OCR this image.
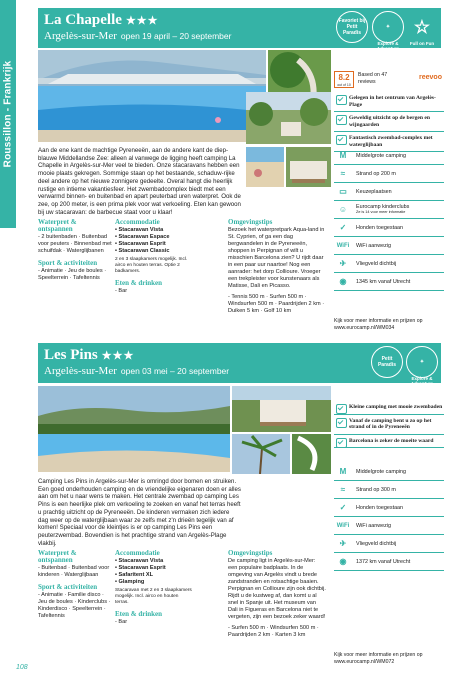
Roussillon - Frankrijk
La Chapelle ★★★
Argelès-sur-Mer open 19 april – 20 september
Favoriet bij Petit Paradis
✦
Explore & Adventure
☆
Full on Fun
Aan de ene kant de machtige Pyreneeën, aan de andere kant de diep-blauwe Middellandse Zee: alleen al vanwege de ligging heeft camping La Chapelle in Argelès-sur-Mer veel te bieden. Onze stacaravans hebben een mooie plaats gekregen. Sommige staan op het bestaande, schaduw-rijke deel andere op het nieuwe zonnigere gedeelte. Overal hangt die heerlijk rustige en intieme vakantiesfeer. Het zwembadcomplex biedt met een verwarmd binnen- en buitenbad en apart peuterbad uren waterpret. Ook de zee, op 200 meter, is een prima plek voor wat verkoeling. Eten kan gewoon bij uw stacaravan: de barbecue staat voor u klaar!
Waterpret & ontspannen
- 2 buitenbaden · Buitenbad voor peuters · Binnenbad met schuifdak · Waterglijbanen
Sport & activiteiten
- Animatie · Jeu de boules · Speelterrein · Tafeltennis
Accommodatie
• Stacaravan Vista
• Stacaravan Espace
• Stacaravan Esprit
• Stacaravan Classic
2 en 3 slaapkamers mogelijk. Incl. airco en houten terras. Optie 2 badkamers.
Eten & drinken
- Bar
Omgevingstips
Bezoek het waterpretpark Aqua-land in St. Cyprien, of ga een dag bergwandelen in de Pyreneeën, shoppen in Perpignan of wilt u misschien Barcelona zien? U rijdt daar in een paar uur naartoe! Nog een aanrader: het dorp Collioure. Vroeger een trekpleister voor kunstenaars als Matisse, Dali en Picasso.
- Tennis 500 m · Surfen 500 m · Windsurfen 500 m · Paardrijden 2 km · Duiken 5 km · Golf 10 km
8.2
out of 10
Based on 47 reviews
reevoo
Gelegen in het centrum van Argelès-Plage
Geweldig uitzicht op de bergen en wijngaarden
Fantastisch zwembad-complex met waterglijbaan
M	Middelgrote camping
≈	Strand op 200 m
▭	Keuzeplaatsen
☺	Eurocamp kinderclubs
Ze is 14 voor meer informatie
✓	Honden toegestaan
WiFi	WiFi aanwezig
✈	Vliegveld dichtbij
◉	1345 km vanaf Utrecht
Kijk voor meer informatie en prijzen op www.eurocamp.nl/WM034
Les Pins ★★★
Argelès-sur-Mer open 03 mei – 20 september
Petit Paradis	✦
Explore & Adventure
Camping Les Pins in Argelès-sur-Mer is omringd door bomen en struiken. Een goed onderhouden camping en de vriendelijke eigenaren doen er alles aan om het u naar wens te maken. Het centrale zwembad op camping Les Pins is een heerlijke plek om verkoeling te zoeken en vanaf het terras heeft u prachtig uitzicht op de Pyreneeën. De kinderen vermaken zich iedere dag weer op de waterglijbaan waar ze zelfs met z'n drieën tegelijk van af komen! Speciaal voor de kleintjes is er op camping Les Pins een peuterzwembad. Bovendien is het prachtige strand van Argelès-Plage vlakbij.
Waterpret & ontspannen
- Buitenbad · Buitenbad voor kinderen · Waterglijbaan
Sport & activiteiten
- Animatie · Familie disco · Jeu de boules · Kinderclubs · Kinderdisco · Speelterrein · Tafeltennis
Accommodatie
• Stacaravan Vista
• Stacaravan Esprit
• Safaritent XL
• Glamping
Stacaravan met 2 en 3 slaapkamers mogelijk. Incl. airco en houten terras.
Eten & drinken
- Bar
Omgevingstips
De camping ligt in Argelès-sur-Mer: een populaire badplaats. In de omgeving van Argelès vindt u brede zandstranden en rotsachtige baaien. Perpignan en Collioure zijn ook dichtbij. Rijdt u de kustweg af, dan komt u al snel in Spanje uit. Het museum van Dali in Figueras en Barcelona niet te vergeten, zijn een bezoek zeker waard!
- Surfen 500 m · Windsurfen 500 m · Paardrijden 2 km · Karten 3 km
Kleine camping met mooie zwembaden
Vanaf de camping bent u zo op het strand of in de Pyreneeën
Barcelona is zeker de moeite waard
M	Middelgrote camping
≈	Strand op 300 m
✓	Honden toegestaan
WiFi	WiFi aanwezig
✈	Vliegveld dichtbij
◉	1372 km vanaf Utrecht
Kijk voor meer informatie en prijzen op www.eurocamp.nl/WM072
108
